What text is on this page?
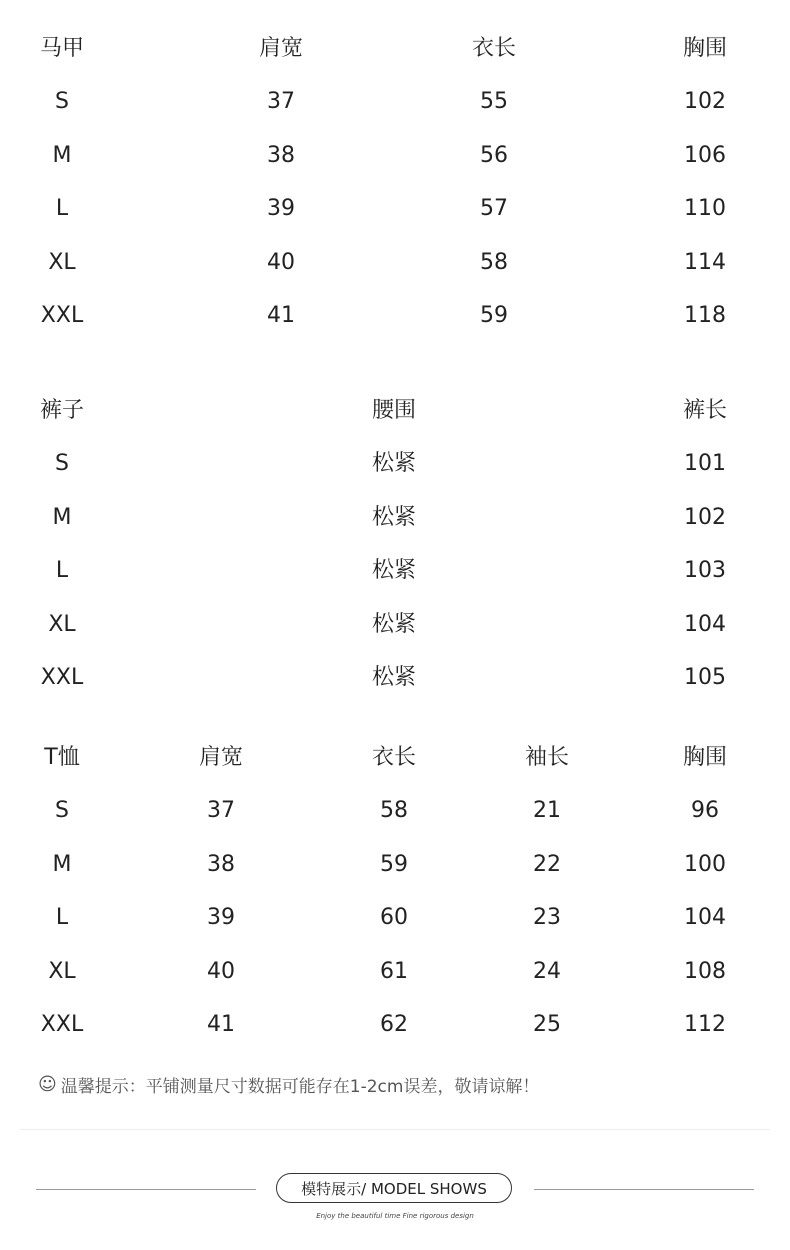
马甲	肩宽	衣长	胸围
S	37	55	102
M	38	56	106
L	39	57	110
XL	40	58	114
XXL	41	59	118
裤子	腰围	裤长
S	松紧	101
M	松紧	102
L	松紧	103
XL	松紧	104
XXL	松紧	105
T恤	肩宽	衣长	袖长	胸围
S	37	58	21	96
M	38	59	22	100
L	39	60	23	104
XL	40	61	24	108
XXL	41	62	25	112
☺ 温馨提示：平铺测量尺寸数据可能存在1-2cm误差，敬请谅解！
模特展示/ MODEL SHOWS
Enjoy the beautiful time Fine rigorous design
